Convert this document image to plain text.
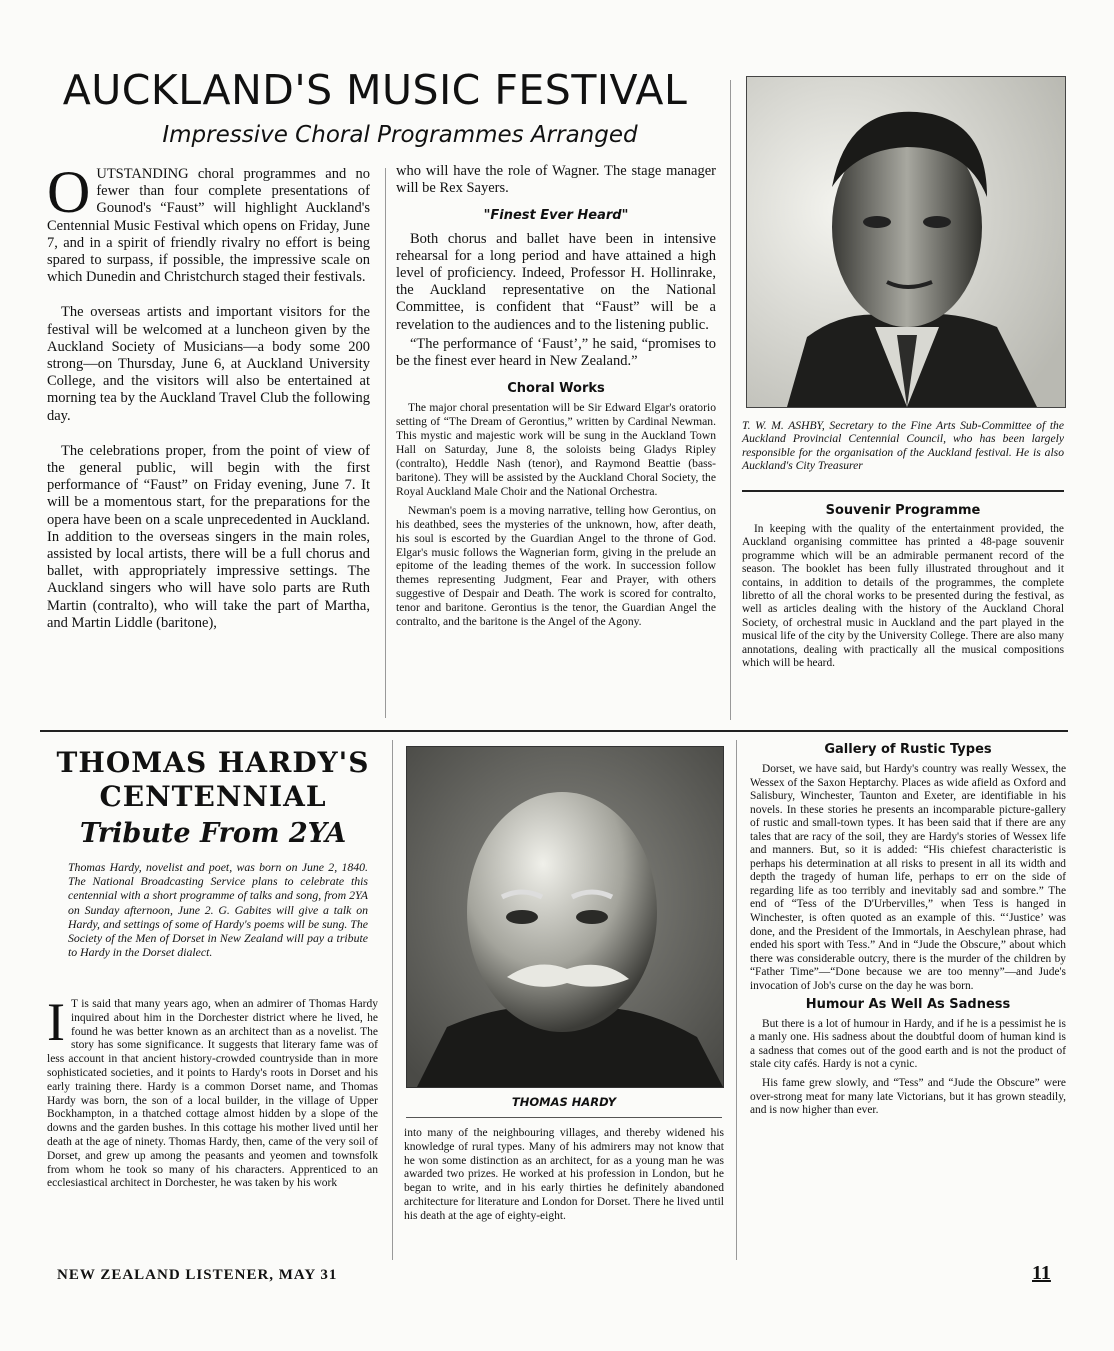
AUCKLAND'S MUSIC FESTIVAL
Impressive Choral Programmes Arranged

OUTSTANDING choral programmes and no fewer than four complete presentations of Gounod's “Faust” will highlight Auckland's Centennial Music Festival which opens on Friday, June 7, and in a spirit of friendly rivalry no effort is being spared to surpass, if possible, the impressive scale on which Dunedin and Christchurch staged their festivals.

The overseas artists and important visitors for the festival will be welcomed at a luncheon given by the Auckland Society of Musicians—a body some 200 strong—on Thursday, June 6, at Auckland University College, and the visitors will also be entertained at morning tea by the Auckland Travel Club the following day.

The celebrations proper, from the point of view of the general public, will begin with the first performance of “Faust” on Friday evening, June 7. It will be a momentous start, for the preparations for the opera have been on a scale unprecedented in Auckland. In addition to the overseas singers in the main roles, assisted by local artists, there will be a full chorus and ballet, with appropriately impressive settings. The Auckland singers who will have solo parts are Ruth Martin (contralto), who will take the part of Martha, and Martin Liddle (baritone),

who will have the role of Wagner. The stage manager will be Rex Sayers.

"Finest Ever Heard"

Both chorus and ballet have been in intensive rehearsal for a long period and have attained a high level of proficiency. Indeed, Professor H. Hollinrake, the Auckland representative on the National Committee, is confident that “Faust” will be a revelation to the audiences and to the listening public.

“The performance of ‘Faust’,” he said, “promises to be the finest ever heard in New Zealand.”

Choral Works

The major choral presentation will be Sir Edward Elgar's oratorio setting of “The Dream of Gerontius,” written by Cardinal Newman. This mystic and majestic work will be sung in the Auckland Town Hall on Saturday, June 8, the soloists being Gladys Ripley (contralto), Heddle Nash (tenor), and Raymond Beattie (bass-baritone). They will be assisted by the Auckland Choral Society, the Royal Auckland Male Choir and the National Orchestra.

Newman's poem is a moving narrative, telling how Gerontius, on his deathbed, sees the mysteries of the unknown, how, after death, his soul is escorted by the Guardian Angel to the throne of God. Elgar's music follows the Wagnerian form, giving in the prelude an epitome of the leading themes of the work. In succession follow themes representing Judgment, Fear and Prayer, with others suggestive of Despair and Death. The work is scored for contralto, tenor and baritone. Gerontius is the tenor, the Guardian Angel the contralto, and the baritone is the Angel of the Agony.

T. W. M. ASHBY, Secretary to the Fine Arts Sub-Committee of the Auckland Provincial Centennial Council, who has been largely responsible for the organisation of the Auckland festival. He is also Auckland's City Treasurer
Souvenir Programme

In keeping with the quality of the entertainment provided, the Auckland organising committee has printed a 48-page souvenir programme which will be an admirable permanent record of the season. The booklet has been fully illustrated throughout and it contains, in addition to details of the programmes, the complete libretto of all the choral works to be presented during the festival, as well as articles dealing with the history of the Auckland Choral Society, of orchestral music in Auckland and the part played in the musical life of the city by the University College. There are also many annotations, dealing with practically all the musical compositions which will be heard.

THOMAS HARDY'S
CENTENNIAL
Tribute From 2YA
Thomas Hardy, novelist and poet, was born on June 2, 1840. The National Broadcasting Service plans to celebrate this centennial with a short programme of talks and song, from 2YA on Sunday afternoon, June 2. G. Gabites will give a talk on Hardy, and settings of some of Hardy's poems will be sung. The Society of the Men of Dorset in New Zealand will pay a tribute to Hardy in the Dorset dialect.

I T is said that many years ago, when an admirer of Thomas Hardy inquired about him in the Dorchester district where he lived, he found he was better known as an architect than as a novelist. The story has some significance. It suggests that literary fame was of less account in that ancient history-crowded countryside than in more sophisticated societies, and it points to Hardy's roots in Dorset and his early training there. Hardy is a common Dorset name, and Thomas Hardy was born, the son of a local builder, in the village of Upper Bockhampton, in a thatched cottage almost hidden by a slope of the downs and the garden bushes. In this cottage his mother lived until her death at the age of ninety. Thomas Hardy, then, came of the very soil of Dorset, and grew up among the peasants and yeomen and townsfolk from whom he took so many of his characters. Apprenticed to an ecclesiastical architect in Dorchester, he was taken by his work

THOMAS HARDY

into many of the neighbouring villages, and thereby widened his knowledge of rural types. Many of his admirers may not know that he won some distinction as an architect, for as a young man he was awarded two prizes. He worked at his profession in London, but he began to write, and in his early thirties he definitely abandoned architecture for literature and London for Dorset. There he lived until his death at the age of eighty-eight.

Gallery of Rustic Types

Dorset, we have said, but Hardy's country was really Wessex, the Wessex of the Saxon Heptarchy. Places as wide afield as Oxford and Salisbury, Winchester, Taunton and Exeter, are identifiable in his novels. In these stories he presents an incomparable picture-gallery of rustic and small-town types. It has been said that if there are any tales that are racy of the soil, they are Hardy's stories of Wessex life and manners. But, so it is added: “His chiefest characteristic is perhaps his determination at all risks to present in all its width and depth the tragedy of human life, perhaps to err on the side of regarding life as too terribly and inevitably sad and sombre.” The end of “Tess of the D'Urbervilles,” when Tess is hanged in Winchester, is often quoted as an example of this. “‘Justice’ was done, and the President of the Immortals, in Aeschylean phrase, had ended his sport with Tess.” And in “Jude the Obscure,” about which there was considerable outcry, there is the murder of the children by “Father Time”—“Done because we are too menny”—and Jude's invocation of Job's curse on the day he was born.

Humour As Well As Sadness

But there is a lot of humour in Hardy, and if he is a pessimist he is a manly one. His sadness about the doubtful doom of human kind is a sadness that comes out of the good earth and is not the product of stale city cafés. Hardy is not a cynic.

His fame grew slowly, and “Tess” and “Jude the Obscure” were over-strong meat for many late Victorians, but it has grown steadily, and is now higher than ever.

NEW ZEALAND LISTENER, MAY 31	11
